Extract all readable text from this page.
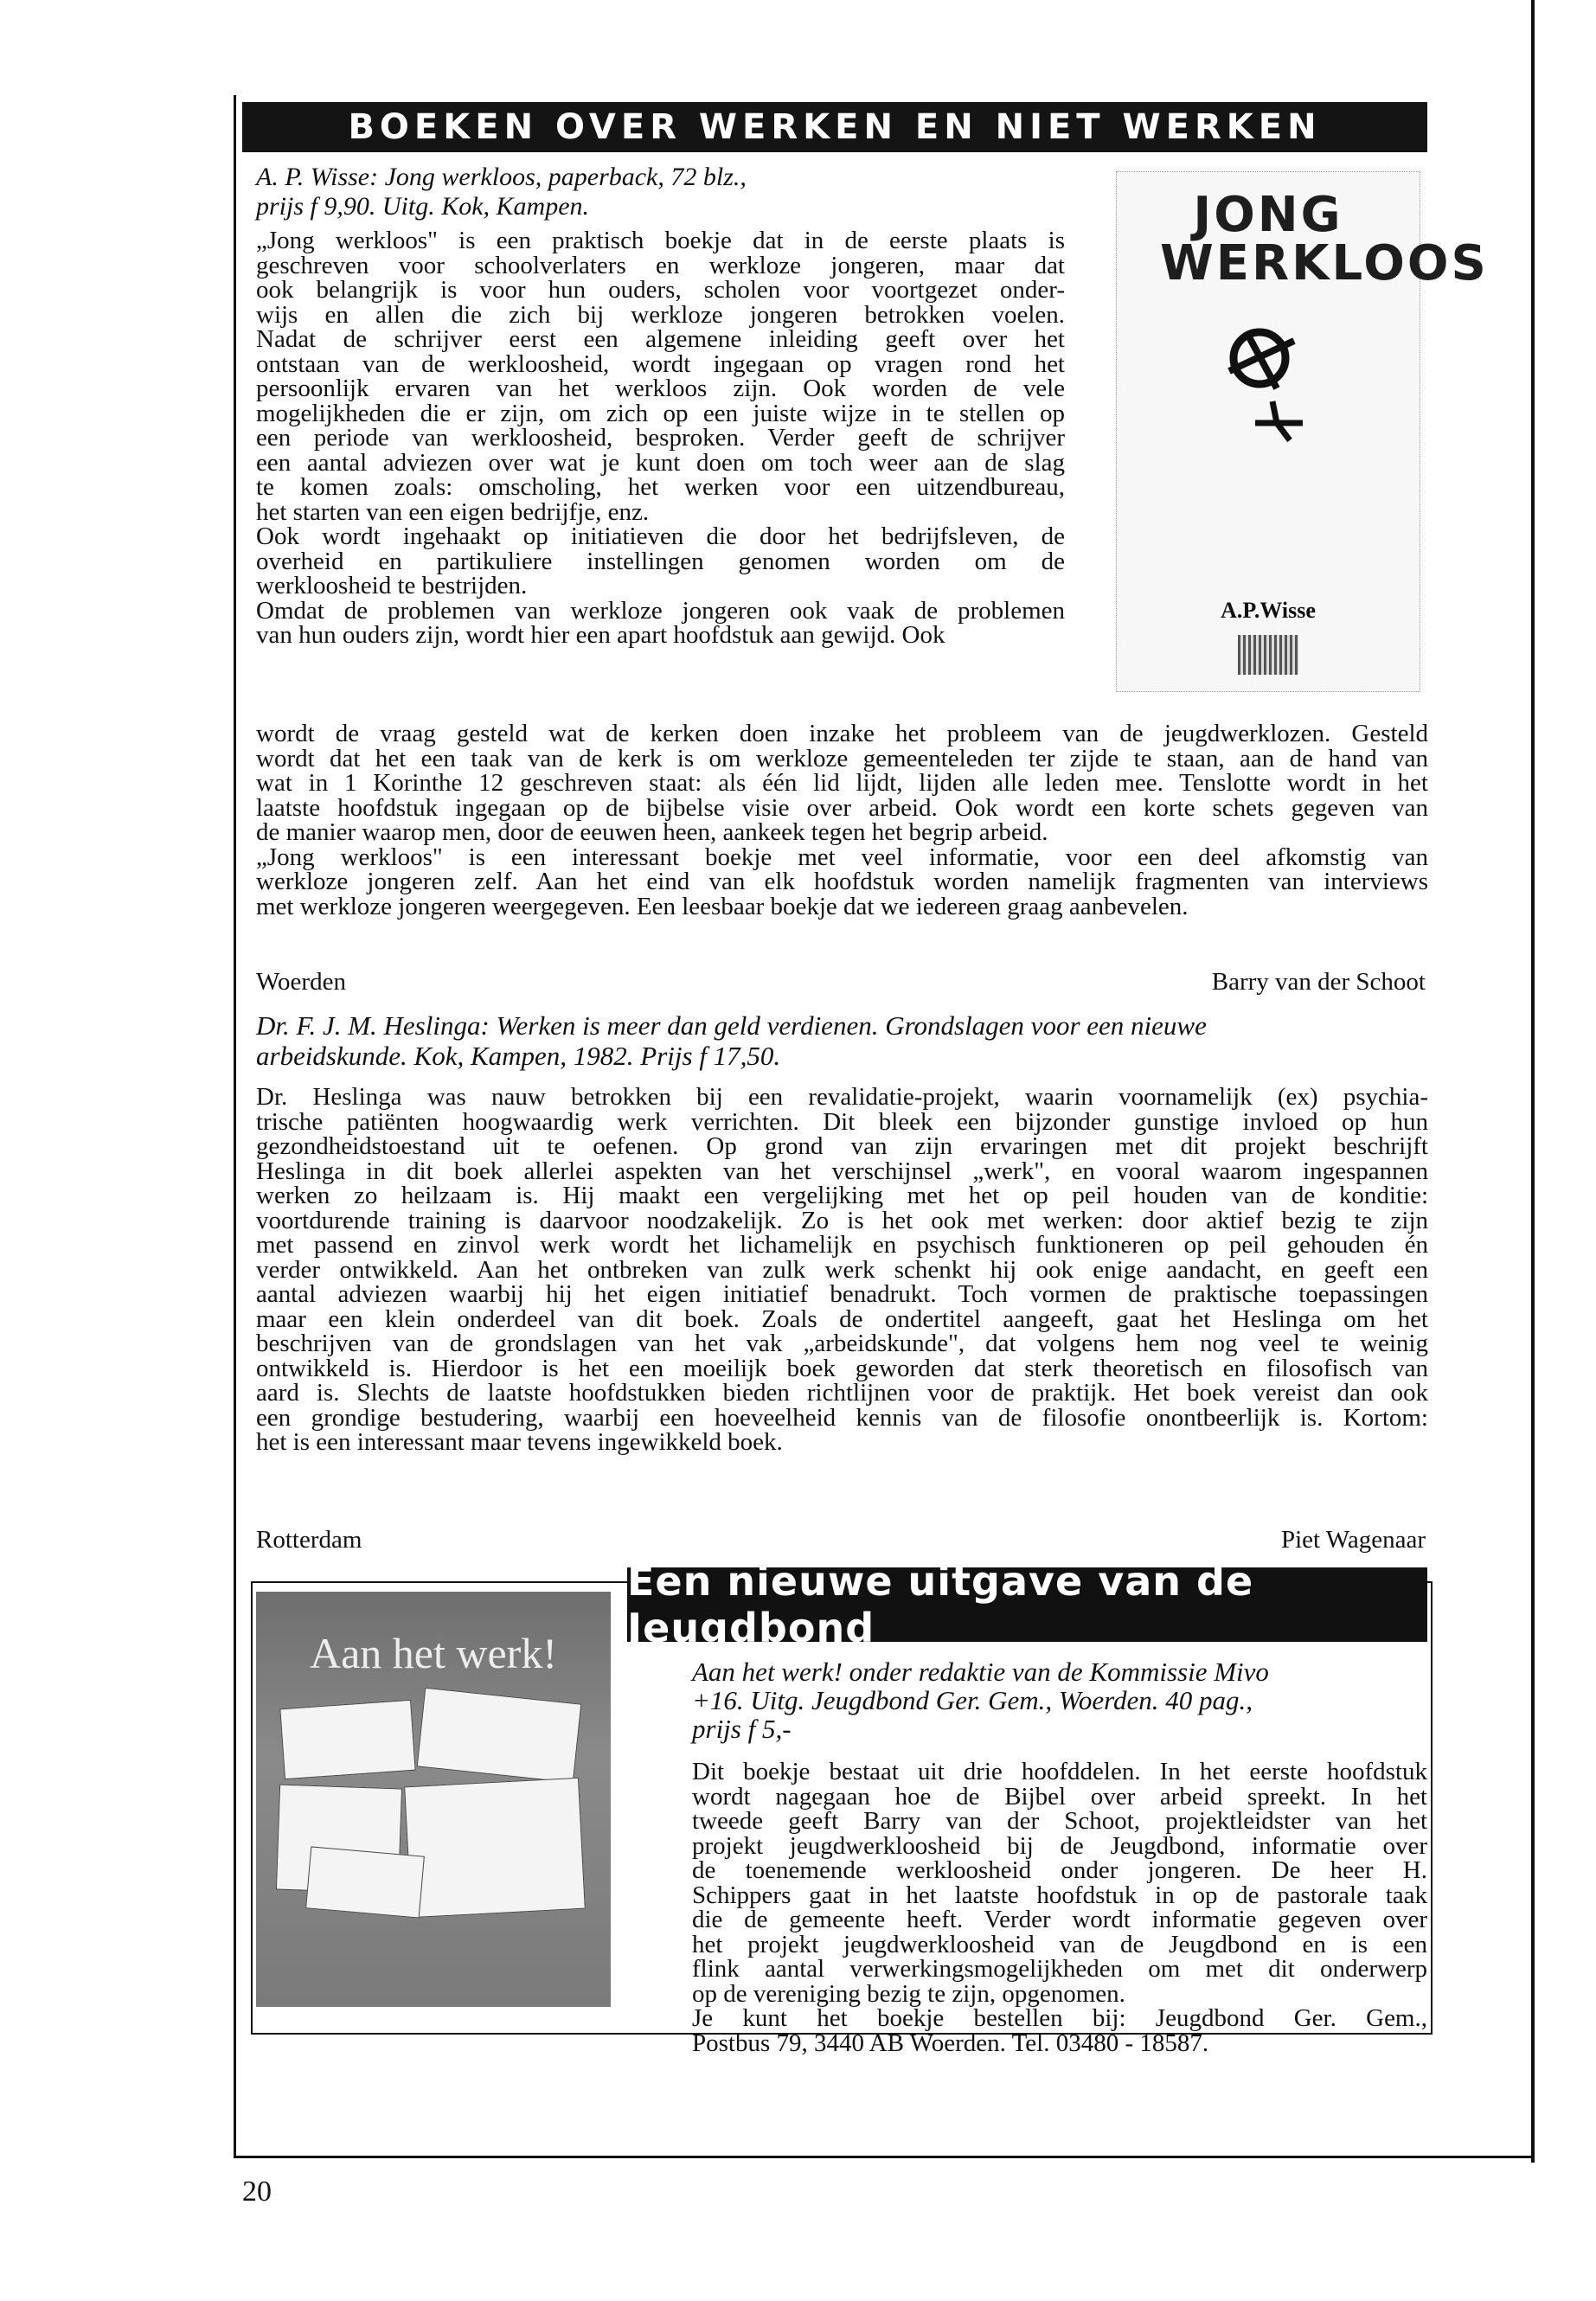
BOEKEN OVER WERKEN EN NIET WERKEN
A. P. Wisse: Jong werkloos, paperback, 72 blz.,
prijs f 9,90. Uitg. Kok, Kampen.
„Jong werkloos" is een praktisch boekje dat in de eerste plaats is
geschreven voor schoolverlaters en werkloze jongeren, maar dat
ook belangrijk is voor hun ouders, scholen voor voortgezet onder-
wijs en allen die zich bij werkloze jongeren betrokken voelen.
Nadat de schrijver eerst een algemene inleiding geeft over het
ontstaan van de werkloosheid, wordt ingegaan op vragen rond het
persoonlijk ervaren van het werkloos zijn. Ook worden de vele
mogelijkheden die er zijn, om zich op een juiste wijze in te stellen op
een periode van werkloosheid, besproken. Verder geeft de schrijver
een aantal adviezen over wat je kunt doen om toch weer aan de slag
te komen zoals: omscholing, het werken voor een uitzendbureau,
het starten van een eigen bedrijfje, enz.
Ook wordt ingehaakt op initiatieven die door het bedrijfsleven, de
overheid en partikuliere instellingen genomen worden om de
werkloosheid te bestrijden.
Omdat de problemen van werkloze jongeren ook vaak de problemen
van hun ouders zijn, wordt hier een apart hoofdstuk aan gewijd. Ook
JONG WERKLOOS
A.P.Wisse
wordt de vraag gesteld wat de kerken doen inzake het probleem van de jeugdwerklozen. Gesteld
wordt dat het een taak van de kerk is om werkloze gemeenteleden ter zijde te staan, aan de hand van
wat in 1 Korinthe 12 geschreven staat: als één lid lijdt, lijden alle leden mee. Tenslotte wordt in het
laatste hoofdstuk ingegaan op de bijbelse visie over arbeid. Ook wordt een korte schets gegeven van
de manier waarop men, door de eeuwen heen, aankeek tegen het begrip arbeid.
„Jong werkloos" is een interessant boekje met veel informatie, voor een deel afkomstig van
werkloze jongeren zelf. Aan het eind van elk hoofdstuk worden namelijk fragmenten van interviews
met werkloze jongeren weergegeven. Een leesbaar boekje dat we iedereen graag aanbevelen.
Woerden	Barry van der Schoot
Dr. F. J. M. Heslinga: Werken is meer dan geld verdienen. Grondslagen voor een nieuwe
arbeidskunde. Kok, Kampen, 1982. Prijs f 17,50.
Dr. Heslinga was nauw betrokken bij een revalidatie-projekt, waarin voornamelijk (ex) psychia-
trische patiënten hoogwaardig werk verrichten. Dit bleek een bijzonder gunstige invloed op hun
gezondheidstoestand uit te oefenen. Op grond van zijn ervaringen met dit projekt beschrijft
Heslinga in dit boek allerlei aspekten van het verschijnsel „werk", en vooral waarom ingespannen
werken zo heilzaam is. Hij maakt een vergelijking met het op peil houden van de konditie:
voortdurende training is daarvoor noodzakelijk. Zo is het ook met werken: door aktief bezig te zijn
met passend en zinvol werk wordt het lichamelijk en psychisch funktioneren op peil gehouden én
verder ontwikkeld. Aan het ontbreken van zulk werk schenkt hij ook enige aandacht, en geeft een
aantal adviezen waarbij hij het eigen initiatief benadrukt. Toch vormen de praktische toepassingen
maar een klein onderdeel van dit boek. Zoals de ondertitel aangeeft, gaat het Heslinga om het
beschrijven van de grondslagen van het vak „arbeidskunde", dat volgens hem nog veel te weinig
ontwikkeld is. Hierdoor is het een moeilijk boek geworden dat sterk theoretisch en filosofisch van
aard is. Slechts de laatste hoofdstukken bieden richtlijnen voor de praktijk. Het boek vereist dan ook
een grondige bestudering, waarbij een hoeveelheid kennis van de filosofie onontbeerlijk is. Kortom:
het is een interessant maar tevens ingewikkeld boek.
Rotterdam	Piet Wagenaar
Een nieuwe uitgave van de Jeugdbond
Aan het werk!	Aan het werk! onder redaktie van de Kommissie Mivo
+16. Uitg. Jeugdbond Ger. Gem., Woerden. 40 pag.,
prijs f 5,-
Dit boekje bestaat uit drie hoofddelen. In het eerste hoofdstuk
wordt nagegaan hoe de Bijbel over arbeid spreekt. In het
tweede geeft Barry van der Schoot, projektleidster van het
projekt jeugdwerkloosheid bij de Jeugdbond, informatie over
de toenemende werkloosheid onder jongeren. De heer H.
Schippers gaat in het laatste hoofdstuk in op de pastorale taak
die de gemeente heeft. Verder wordt informatie gegeven over
het projekt jeugdwerkloosheid van de Jeugdbond en is een
flink aantal verwerkingsmogelijkheden om met dit onderwerp
op de vereniging bezig te zijn, opgenomen.
Je kunt het boekje bestellen bij: Jeugdbond Ger. Gem.,
Postbus 79, 3440 AB Woerden. Tel. 03480 - 18587.
20
